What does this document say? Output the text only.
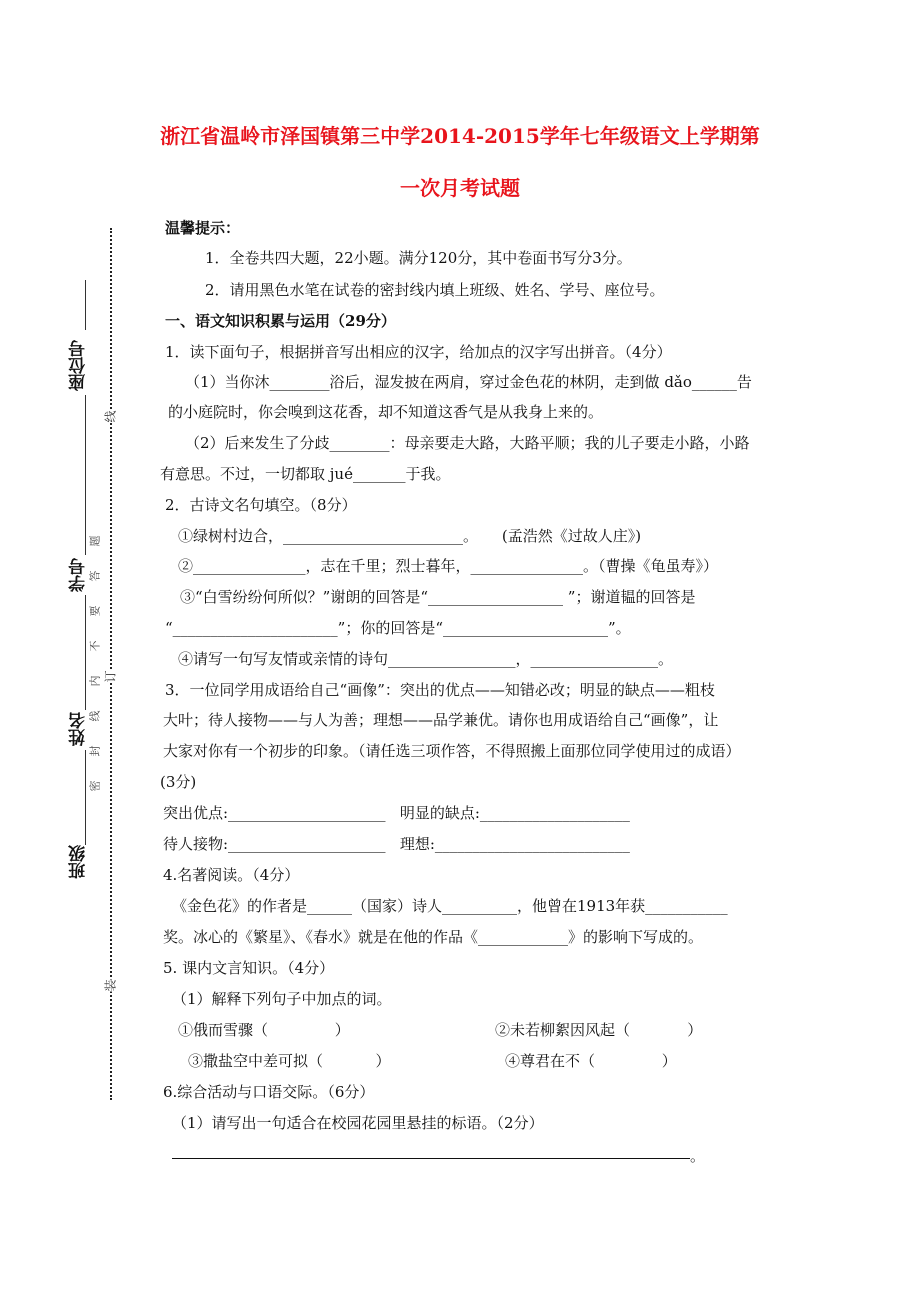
浙江省温岭市泽国镇第三中学2014-2015学年七年级语文上学期第
一次月考试题
座位号
学号
姓名
班级
题
答
要
不
内
线
封
密
线
订
装
温馨提示：
1．全卷共四大题，22小题。满分120分，其中卷面书写分3分。
2．请用黑色水笔在试卷的密封线内填上班级、姓名、学号、座位号。
一、语文知识积累与运用（29分）
1．读下面句子，根据拼音写出相应的汉字，给加点的汉字写出拼音。（4分）
（1）当你沐________浴后，湿发披在两肩，穿过金色花的林阴，走到做 dǎo______告
的小庭院时，你会嗅到这花香，却不知道这香气是从我身上来的。
（2）后来发生了分歧________：母亲要走大路，大路平顺；我的儿子要走小路，小路
有意思。不过，一切都取 jué_______于我。
2．古诗文名句填空。（8分）
①绿树村边合，________________________。     (孟浩然《过故人庄》)
②_______________，志在千里；烈士暮年，_______________。（曹操《龟虽寿》）
③“白雪纷纷何所似？”谢朗的回答是“__________________ ”；谢道韫的回答是
“______________________”；你的回答是“______________________”。
④请写一句写友情或亲情的诗句_________________，_________________。
3．一位同学用成语给自己“画像”：突出的优点——知错必改；明显的缺点——粗枝
大叶；待人接物——与人为善；理想——品学兼优。请你也用成语给自己“画像”，让
大家对你有一个初步的印象。（请任选三项作答，不得照搬上面那位同学使用过的成语）
(3分)
突出优点:_____________________   明显的缺点:____________________
待人接物:_____________________   理想:__________________________
4.名著阅读。（4分）
《金色花》的作者是______（国家）诗人__________，他曾在1913年获___________
奖。冰心的《繁星》、《春水》就是在他的作品《____________》的影响下写成的。
5. 课内文言知识。（4分）
（1）解释下列句子中加点的词。
①俄而雪骤（              ）	②未若柳絮因风起（            ）
③撒盐空中差可拟（           ）	④尊君在不（              ）
6.综合活动与口语交际。（6分）
（1）请写出一句适合在校园花园里悬挂的标语。（2分）
。
